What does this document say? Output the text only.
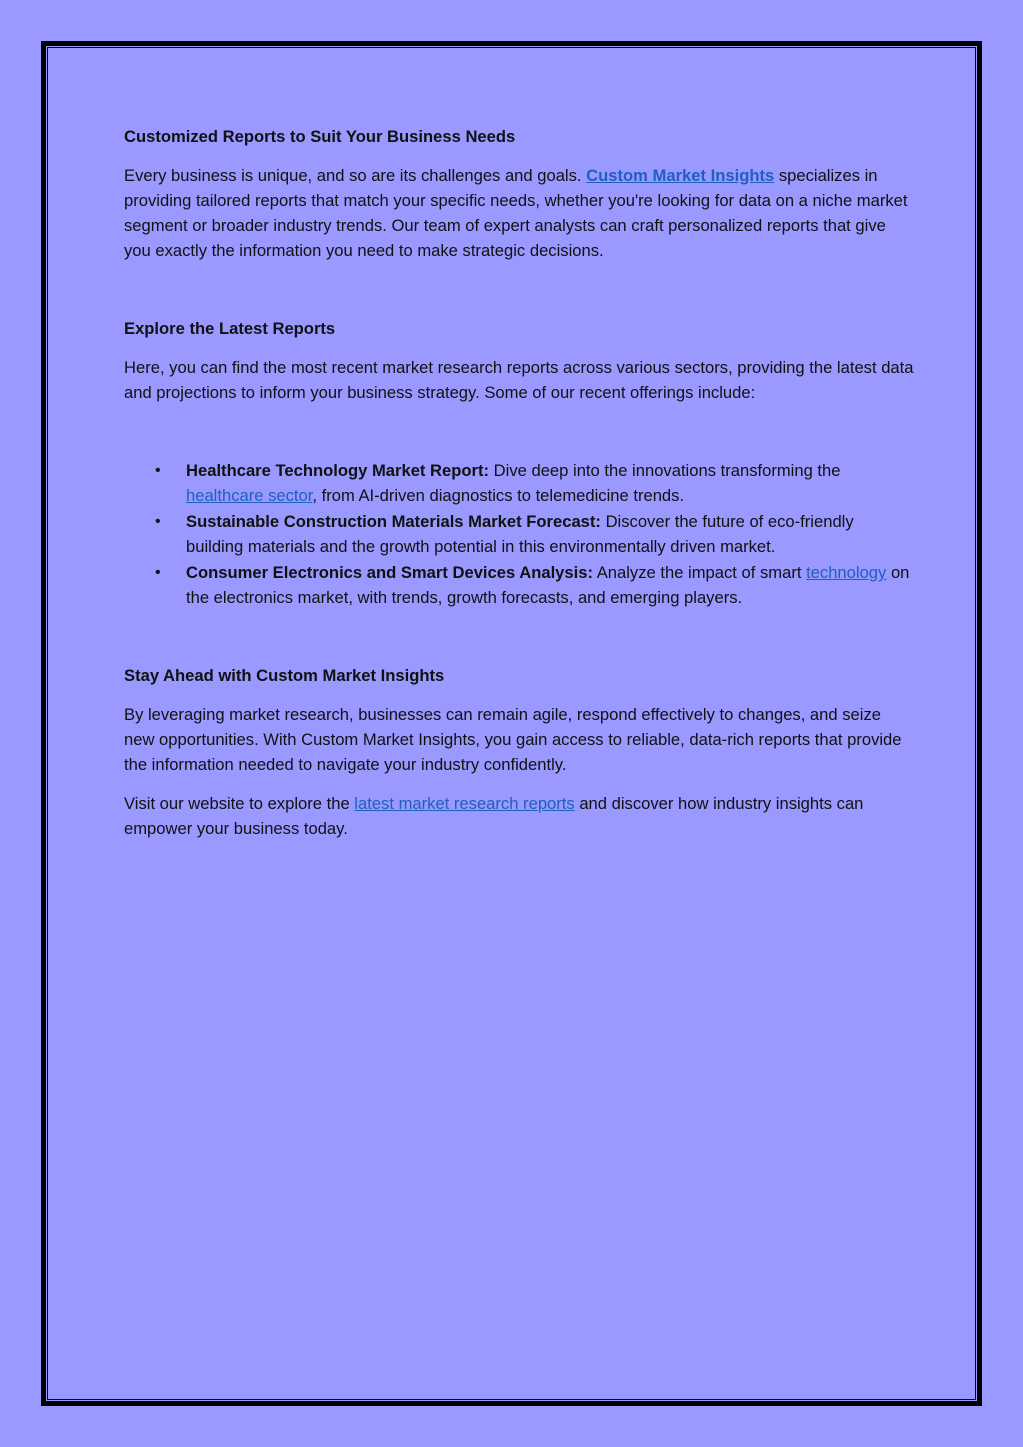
Customized Reports to Suit Your Business Needs

Every business is unique, and so are its challenges and goals. Custom Market Insights specializes in providing tailored reports that match your specific needs, whether you're looking for data on a niche market segment or broader industry trends. Our team of expert analysts can craft personalized reports that give you exactly the information you need to make strategic decisions.

Explore the Latest Reports

Here, you can find the most recent market research reports across various sectors, providing the latest data and projections to inform your business strategy. Some of our recent offerings include:

• Healthcare Technology Market Report: Dive deep into the innovations transforming the healthcare sector, from AI-driven diagnostics to telemedicine trends.
• Sustainable Construction Materials Market Forecast: Discover the future of eco-friendly building materials and the growth potential in this environmentally driven market.
• Consumer Electronics and Smart Devices Analysis: Analyze the impact of smart technology on the electronics market, with trends, growth forecasts, and emerging players.
Stay Ahead with Custom Market Insights

By leveraging market research, businesses can remain agile, respond effectively to changes, and seize new opportunities. With Custom Market Insights, you gain access to reliable, data-rich reports that provide the information needed to navigate your industry confidently.

Visit our website to explore the latest market research reports and discover how industry insights can empower your business today.
